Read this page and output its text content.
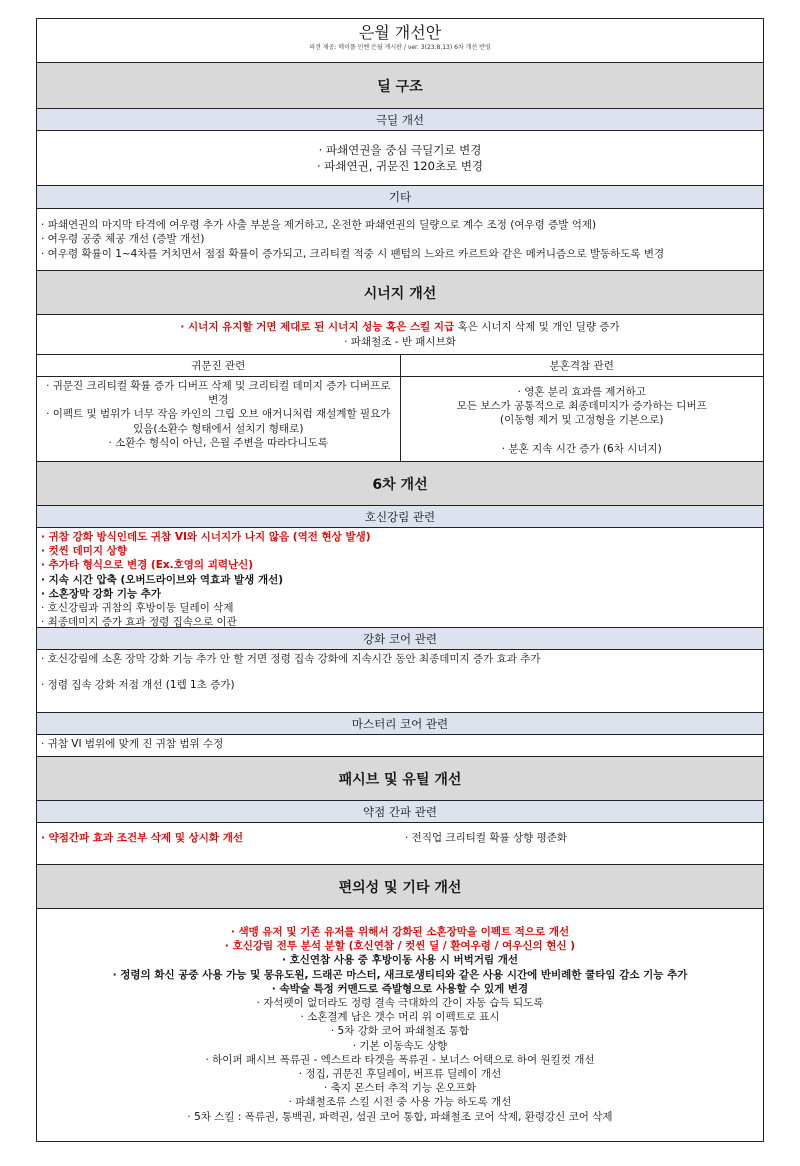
은월 개선안
의견 제공: 메이플 인벤 은월 게시판 / ver. 3(23.8.13) 6차 개선 반영
딜 구조
극딜 개선

· 파쇄연권을 중심 극딜기로 변경

· 파쇄연권, 귀문진 120초로 변경

기타

· 파쇄연권의 마지막 타격에 여우령 추가 사출 부분을 제거하고, 온전한 파쇄연권의 딜량으로 계수 조정 (여우령 증발 억제)

· 여우령 공중 체공 개선 (증발 개선)

· 여우령 확률이 1~4차를 거치면서 점점 확률이 증가되고, 크리티컬 적중 시 팬텀의 느와르 카르트와 같은 메커니즘으로 발동하도록 변경

시너지 개선

· 시너지 유지할 거면 제대로 된 시너지 성능 혹은 스킬 지급 혹은 시너지 삭제 및 개인 딜량 증가

· 파쇄철조 - 반 패시브화

귀문진 관련

· 귀문진 크리티컬 확률 증가 디버프 삭제 및 크리티컬 데미지 증가 디버프로 변경

· 이펙트 및 범위가 너무 작음 카인의 그립 오브 애거니처럼 재설계할 필요가 있음(소환수 형태에서 설치기 형태로)

· 소환수 형식이 아닌, 은월 주변을 따라다니도록

분혼격참 관련

· 영혼 분리 효과를 제거하고

모든 보스가 공통적으로 최종데미지가 증가하는 디버프

(이동형 제거 및 고정형을 기본으로)

· 분혼 지속 시간 증가 (6차 시너지)

6차 개선
호신강림 관련

· 귀참 강화 방식인데도 귀참 VI와 시너지가 나지 않음 (역전 현상 발생)

· 컷씬 데미지 상향

· 추가타 형식으로 변경 (Ex.호영의 괴력난신)

· 지속 시간 압축 (오버드라이브와 역효과 발생 개선)

· 소혼장막 강화 기능 추가

· 호신강림과 귀참의 후방이동 딜레이 삭제

· 최종데미지 증가 효과 정령 집속으로 이관

강화 코어 관련

· 호신강림에 소혼 장막 강화 기능 추가 안 할 거면 정령 집속 강화에 지속시간 동안 최종데미지 증가 효과 추가

· 정령 집속 강화 저점 개선 (1렙 1초 증가)

마스터리 코어 관련

· 귀참 VI 범위에 맞게 진 귀참 범위 수정

패시브 및 유틸 개선
약점 간파 관련

· 약점간파 효과 조건부 삭제 및 상시화 개선	· 전직업 크리티컬 확률 상향 평준화

편의성 및 기타 개선

· 색맹 유저 및 기존 유저를 위해서 강화된 소혼장막을 이펙트 적으로 개선

· 호신강림 전투 분석 분할 (호신연참 / 컷씬 딜 / 환여우령 / 여우신의 현신 )

· 호신연참 사용 중 후방이동 사용 시 버벅거림 개선

· 정령의 화신 공중 사용 가능 및 몽유도원, 드래곤 마스터, 새크로생티티와 같은 사용 시간에 반비례한 쿨타임 감소 기능 추가

· 속박술 특정 커맨드로 즉발형으로 사용할 수 있게 변경

· 자석펫이 없더라도 정령 결속 극대화의 간이 자동 습득 되도록

· 소혼결계 남은 갯수 머리 위 이펙트로 표시

· 5차 강화 코어 파쇄철조 통합

· 기본 이동속도 상향

· 하이퍼 패시브 폭류권 - 엑스트라 타겟을 폭류권 - 보너스 어택으로 하여 원킬컷 개선

· 정집, 귀문진 후딜레이, 버프류 딜레이 개선

· 축지 몬스터 추적 기능 온오프화

· 파쇄철조류 스킬 시전 중 사용 가능 하도록 개선

· 5차 스킬 : 폭류권, 통백권, 파력권, 섬권 코어 통합, 파쇄철조 코어 삭제, 환령강신 코어 삭제
